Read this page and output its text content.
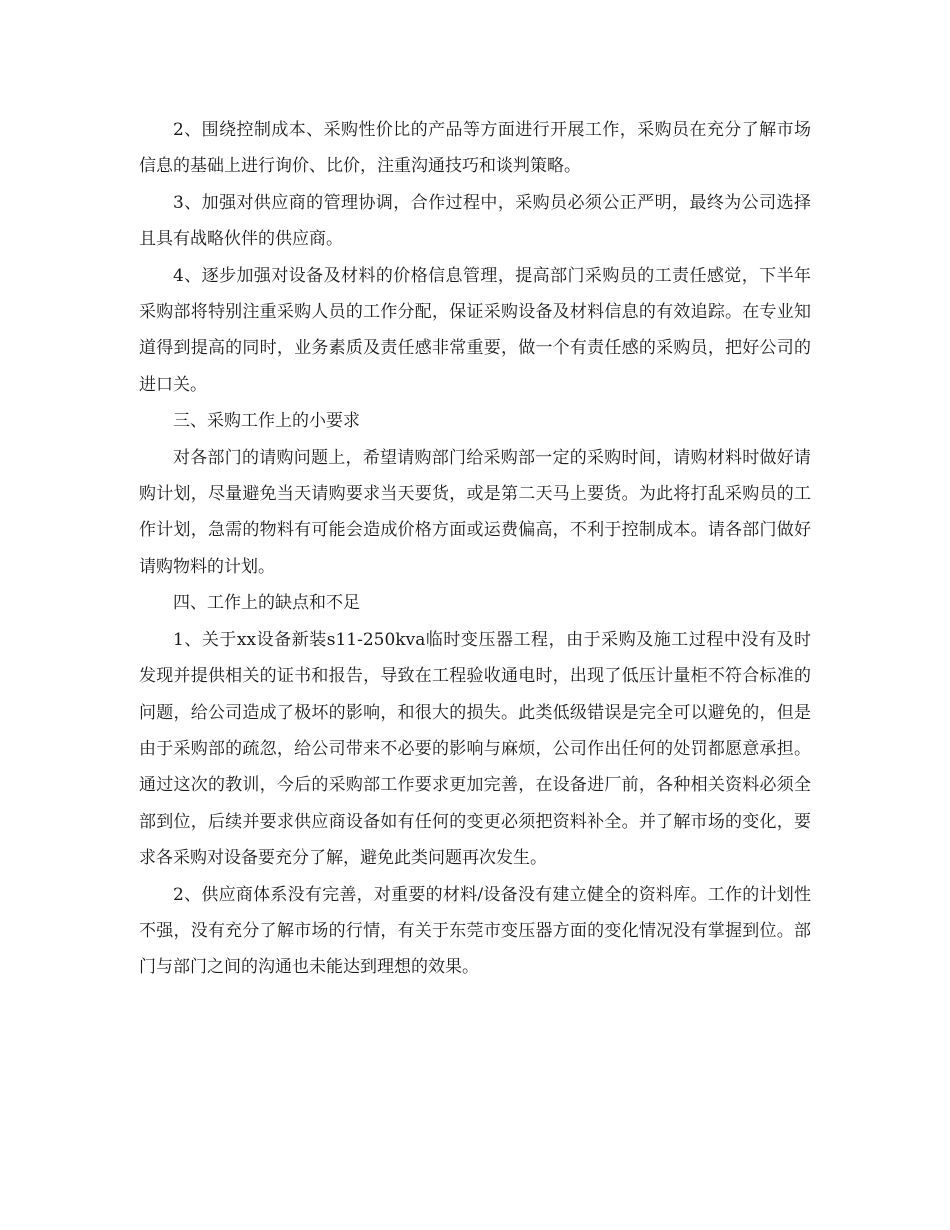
2、围绕控制成本、采购性价比的产品等方面进行开展工作，采购员在充分了解市场信息的基础上进行询价、比价，注重沟通技巧和谈判策略。

3、加强对供应商的管理协调，合作过程中，采购员必须公正严明，最终为公司选择且具有战略伙伴的供应商。

4、逐步加强对设备及材料的价格信息管理，提高部门采购员的工责任感觉，下半年采购部将特别注重采购人员的工作分配，保证采购设备及材料信息的有效追踪。在专业知道得到提高的同时，业务素质及责任感非常重要，做一个有责任感的采购员，把好公司的进口关。

三、采购工作上的小要求

对各部门的请购问题上，希望请购部门给采购部一定的采购时间，请购材料时做好请购计划，尽量避免当天请购要求当天要货，或是第二天马上要货。为此将打乱采购员的工作计划，急需的物料有可能会造成价格方面或运费偏高，不利于控制成本。请各部门做好请购物料的计划。

四、工作上的缺点和不足

1、关于xx设备新装s11-250kva临时变压器工程，由于采购及施工过程中没有及时发现并提供相关的证书和报告，导致在工程验收通电时，出现了低压计量柜不符合标准的问题，给公司造成了极坏的影响，和很大的损失。此类低级错误是完全可以避免的，但是由于采购部的疏忽，给公司带来不必要的影响与麻烦，公司作出任何的处罚都愿意承担。通过这次的教训，今后的采购部工作要求更加完善，在设备进厂前，各种相关资料必须全部到位，后续并要求供应商设备如有任何的变更必须把资料补全。并了解市场的变化，要求各采购对设备要充分了解，避免此类问题再次发生。

2、供应商体系没有完善，对重要的材料/设备没有建立健全的资料库。工作的计划性不强，没有充分了解市场的行情，有关于东莞市变压器方面的变化情况没有掌握到位。部门与部门之间的沟通也未能达到理想的效果。
